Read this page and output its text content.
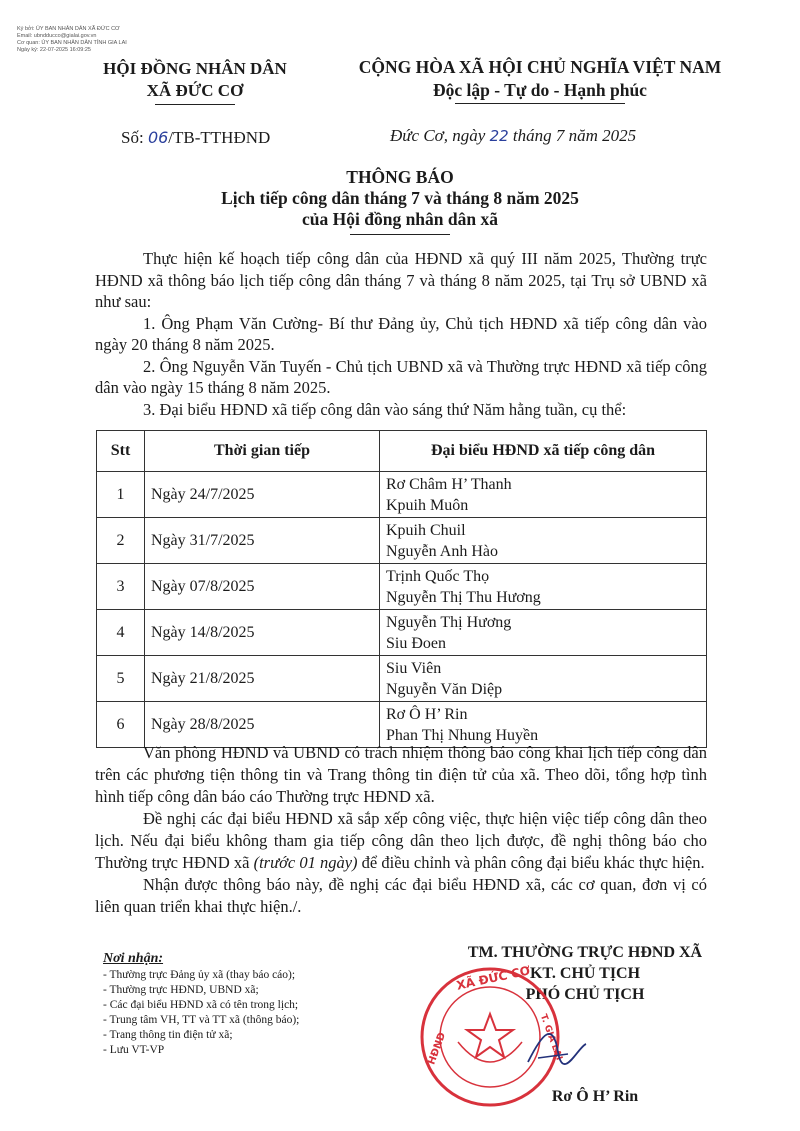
Ký bởi: ỦY BAN NHÂN DÂN XÃ ĐỨC CƠ
Email: ubndducco@gialai.gov.vn
Cơ quan: ỦY BAN NHÂN DÂN TỈNH GIA LAI
Ngày ký: 22-07-2025 16:09:25
HỘI ĐỒNG NHÂN DÂN
XÃ ĐỨC CƠ
CỘNG HÒA XÃ HỘI CHỦ NGHĨA VIỆT NAM
Độc lập - Tự do - Hạnh phúc
Số: 06/TB-TTHĐND	Đức Cơ, ngày 22 tháng 7 năm 2025
THÔNG BÁO
Lịch tiếp công dân tháng 7 và tháng 8 năm 2025
của Hội đồng nhân dân xã

Thực hiện kế hoạch tiếp công dân của HĐND xã quý III năm 2025, Thường trực HĐND xã thông báo lịch tiếp công dân tháng 7 và tháng 8 năm 2025, tại Trụ sở UBND xã như sau:

1. Ông Phạm Văn Cường- Bí thư Đảng ủy, Chủ tịch HĐND xã tiếp công dân vào ngày 20 tháng 8 năm 2025.

2. Ông Nguyễn Văn Tuyến - Chủ tịch UBND xã và Thường trực HĐND xã tiếp công dân vào ngày 15 tháng 8 năm 2025.

3. Đại biểu HĐND xã tiếp công dân vào sáng thứ Năm hằng tuần, cụ thể:

Stt	Thời gian tiếp	Đại biểu HĐND xã tiếp công dân
1	Ngày 24/7/2025	Rơ Châm H’ Thanh
Kpuih Muôn

2	Ngày 31/7/2025	Kpuih Chuil
Nguyễn Anh Hào

3	Ngày 07/8/2025	Trịnh Quốc Thọ
Nguyễn Thị Thu Hương

4	Ngày 14/8/2025	Nguyễn Thị Hương
Siu Đoen

5	Ngày 21/8/2025	Siu Viên
Nguyễn Văn Diệp

6	Ngày 28/8/2025	Rơ Ô H’ Rin
Phan Thị Nhung Huyền

Văn phòng HĐND và UBND có trách nhiệm thông báo công khai lịch tiếp công dân trên các phương tiện thông tin và Trang thông tin điện tử của xã. Theo dõi, tổng hợp tình hình tiếp công dân báo cáo Thường trực HĐND xã.

Đề nghị các đại biểu HĐND xã sắp xếp công việc, thực hiện việc tiếp công dân theo lịch. Nếu đại biểu không tham gia tiếp công dân theo lịch được, đề nghị thông báo cho Thường trực HĐND xã (trước 01 ngày) để điều chỉnh và phân công đại biểu khác thực hiện.

Nhận được thông báo này, đề nghị các đại biểu HĐND xã, các cơ quan, đơn vị có liên quan triển khai thực hiện./.

Nơi nhận:
- Thường trực Đảng ủy xã (thay báo cáo);
- Thường trực HĐND, UBND xã;
- Các đại biểu HĐND xã có tên trong lịch;
- Trung tâm VH, TT và TT xã (thông báo);
- Trang thông tin điện tử xã;
- Lưu VT-VP
TM. THƯỜNG TRỰC HĐND XÃ
KT. CHỦ TỊCH
PHÓ CHỦ TỊCH
XÃ ĐỨC CƠ
HĐND	T. GIA LAI
Rơ Ô H’ Rin
